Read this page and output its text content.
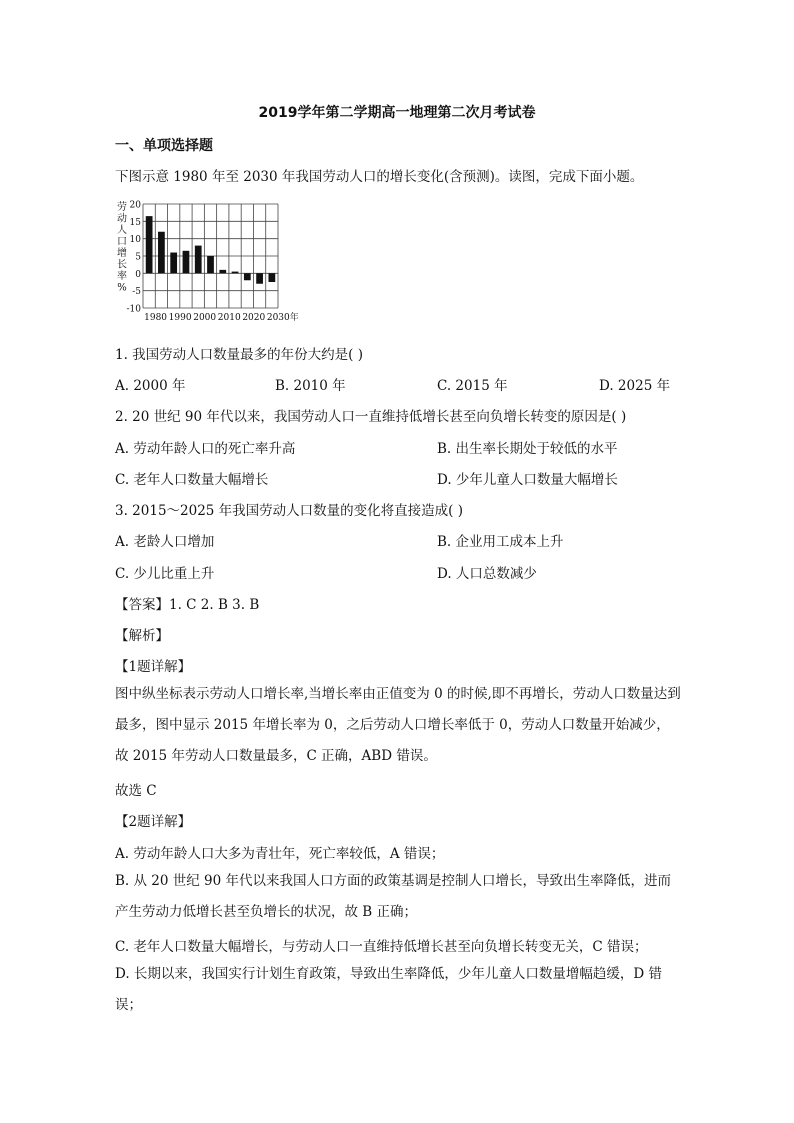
2019学年第二学期高一地理第二次月考试卷
一、单项选择题
下图示意 1980 年至 2030 年我国劳动人口的增长变化(含预测)。读图，完成下面小题。
劳
动
人
口
增
长
率
%
20
15
10
5
0
-5
-10
1980 1990 2000 2010 2020 2030年
1. 我国劳动人口数量最多的年份大约是( )
A. 2000 年	B. 2010 年	C. 2015 年	D. 2025 年
2. 20 世纪 90 年代以来，我国劳动人口一直维持低增长甚至向负增长转变的原因是( )
A. 劳动年龄人口的死亡率升高	B. 出生率长期处于较低的水平
C. 老年人口数量大幅增长	D. 少年儿童人口数量大幅增长
3. 2015～2025 年我国劳动人口数量的变化将直接造成( )
A. 老龄人口增加	B. 企业用工成本上升
C. 少儿比重上升	D. 人口总数减少
【答案】1. C 2. B 3. B
【解析】
【1题详解】
图中纵坐标表示劳动人口增长率,当增长率由正值变为 0 的时候,即不再增长，劳动人口数量达到最多，图中显示 2015 年增长率为 0，之后劳动人口增长率低于 0，劳动人口数量开始减少，故 2015 年劳动人口数量最多，C 正确，ABD 错误。
故选 C
【2题详解】
A. 劳动年龄人口大多为青壮年，死亡率较低，A 错误；
B. 从 20 世纪 90 年代以来我国人口方面的政策基调是控制人口增长，导致出生率降低，进而产生劳动力低增长甚至负增长的状况，故 B 正确；
C. 老年人口数量大幅增长，与劳动人口一直维持低增长甚至向负增长转变无关，C 错误；
D. 长期以来，我国实行计划生育政策，导致出生率降低，少年儿童人口数量增幅趋缓，D 错误；
